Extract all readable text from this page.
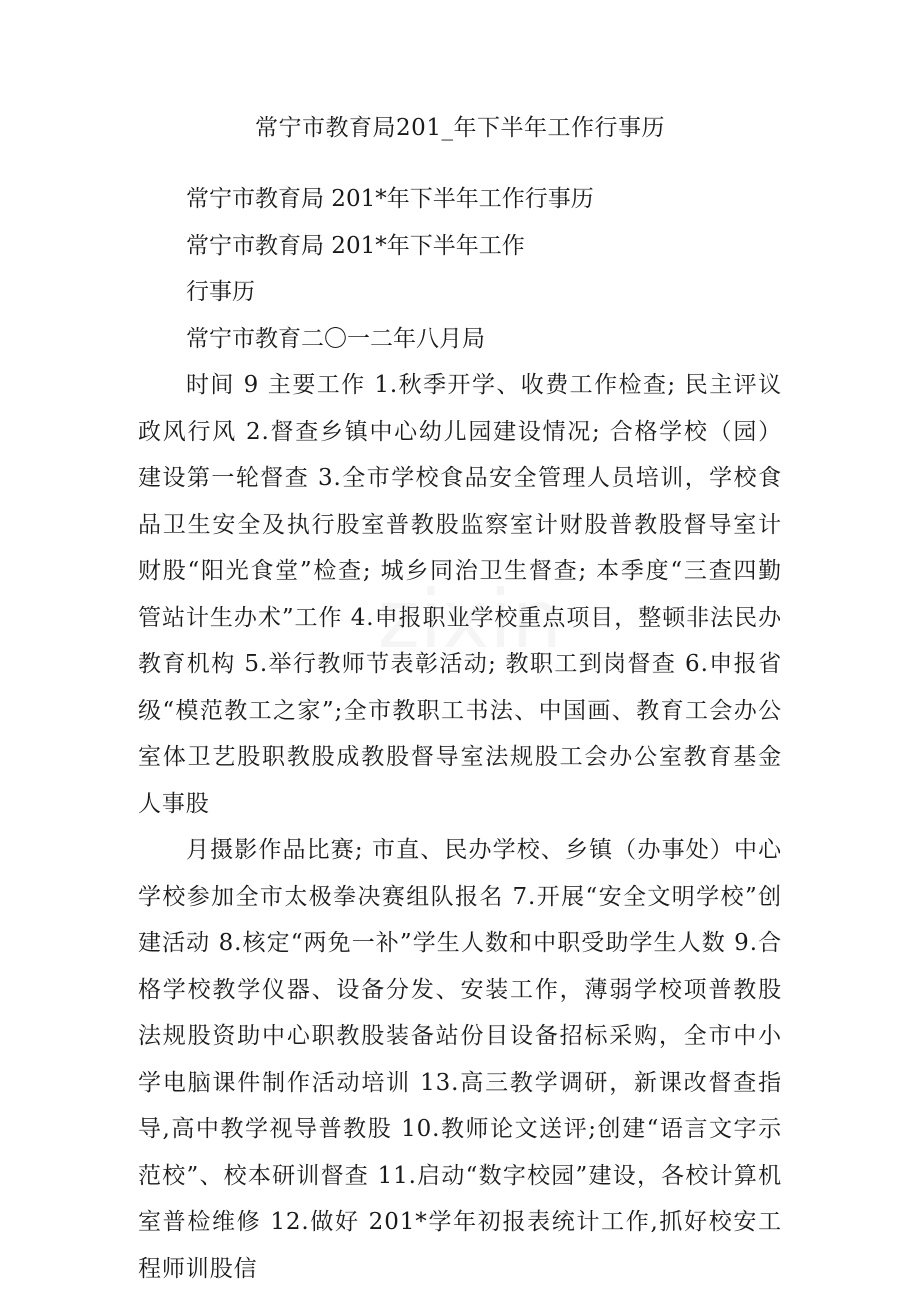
常宁市教育局201_年下半年工作行事历

常宁市教育局 201*年下半年工作行事历

常宁市教育局 201*年下半年工作

行事历

常宁市教育二〇一二年八月局

时间 9 主要工作 1.秋季开学、收费工作检查; 民主评议政风行风 2.督查乡镇中心幼儿园建设情况; 合格学校（园）建设第一轮督查 3.全市学校食品安全管理人员培训，学校食品卫生安全及执行股室普教股监察室计财股普教股督导室计财股“阳光食堂”检查; 城乡同治卫生督查; 本季度“三查四勤管站计生办术”工作 4.申报职业学校重点项目，整顿非法民办教育机构 5.举行教师节表彰活动; 教职工到岗督查 6.申报省级“模范教工之家”;全市教职工书法、中国画、教育工会办公室体卫艺股职教股成教股督导室法规股工会办公室教育基金人事股

月摄影作品比赛; 市直、民办学校、乡镇（办事处）中心学校参加全市太极拳决赛组队报名 7.开展“安全文明学校”创建活动 8.核定“两免一补”学生人数和中职受助学生人数 9.合格学校教学仪器、设备分发、安装工作，薄弱学校项普教股法规股资助中心职教股装备站份目设备招标采购，全市中小学电脑课件制作活动培训 13.高三教学调研，新课改督查指导,高中教学视导普教股 10.教师论文送评;创建“语言文字示范校”、校本研训督查 11.启动“数字校园”建设，各校计算机室普检维修 12.做好 201*学年初报表统计工作,抓好校安工程师训股信
